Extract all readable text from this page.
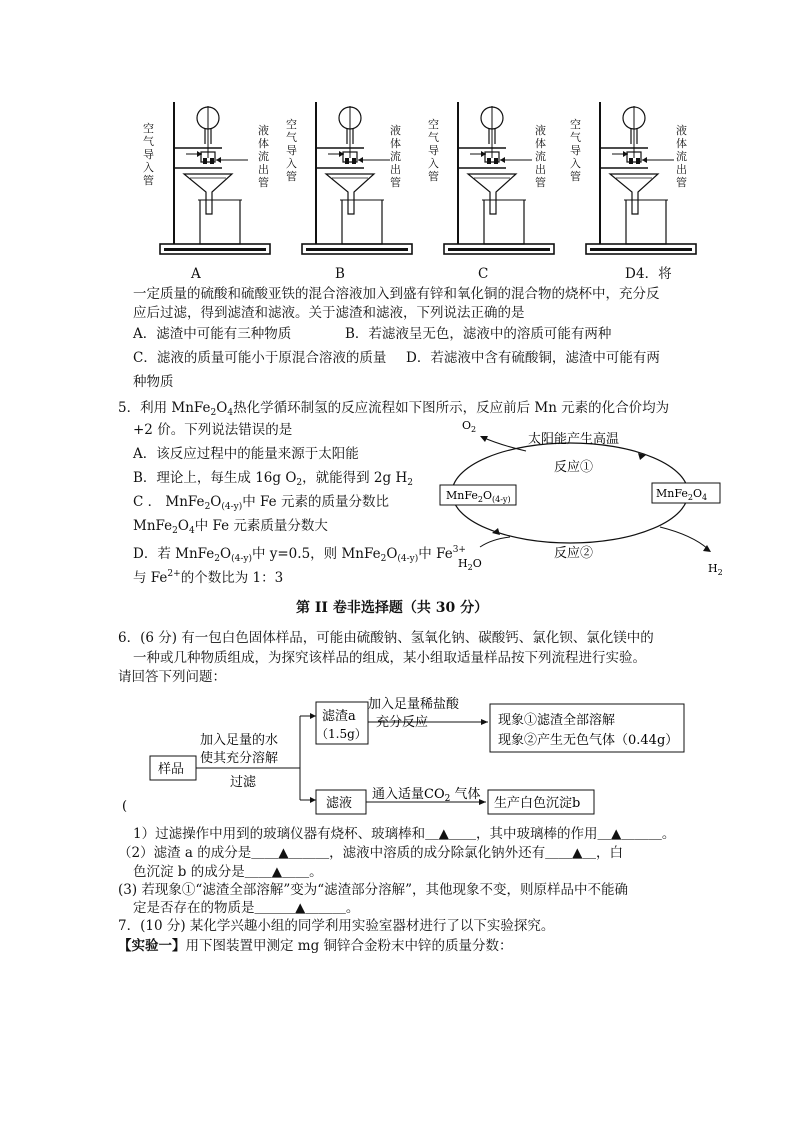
空气导入管
液体流出管
空气导入管
液体流出管
空气导入管
液体流出管
空气导入管
液体流出管
A	B	C	D 4．将
一定质量的硫酸和硫酸亚铁的混合溶液加入到盛有锌和氧化铜的混合物的烧杯中，充分反
应后过滤，得到滤渣和滤液。关于滤渣和滤液，下列说法正确的是
A．滤渣中可能有三种物质	B．若滤液呈无色，滤液中的溶质可能有两种
C．滤液的质量可能小于原混合溶液的质量 D．若滤液中含有硫酸铜，滤渣中可能有两
种物质
5．利用 $MnFe_2O_4$热化学循环制氢的反应流程如下图所示，反应前后 Mn 元素的化合价均为
+2 价。下列说法错误的是
A．该反应过程中的能量来源于太阳能
B．理论上，每生成 16g $O_2$，就能得到 2g $H_2$
C ． $MnFe_2O_{(4-y)}$中 Fe 元素的质量分数比
$MnFe_2O_4$中 Fe 元素质量分数大
D．若 $MnFe_2O_{(4-y)}$中 y=0.5，则 $MnFe_2O_{(4-y)}$中 $Fe^{3+}$
与 $Fe^{2+}$的个数比为 1：3
$MnFe_2O_{(4-y)}$	$MnFe_2O_4$
$O_2$
太阳能产生高温
反应①
反应②
$H_2O$	$H_2$
第 II 卷非选择题（共 30 分）
6．(6 分) 有一包白色固体样品，可能由硫酸钠、氢氧化钠、碳酸钙、氯化钡、氯化镁中的
一种或几种物质组成，为探究该样品的组成，某小组取适量样品按下列流程进行实验。
请回答下列问题：
样品
滤渣a
（1.5g）
现象①滤渣全部溶解
现象②产生无色气体（0.44g）
滤液	生产白色沉淀b
加入足量的水
使其充分溶解
过滤
加入足量稀盐酸
充分反应
通入适量$CO_2$ 气体
(
1）过滤操作中用到的玻璃仪器有烧杯、玻璃棒和＿▲＿＿，其中玻璃棒的作用＿▲＿＿＿。
（2）滤渣 a 的成分是＿＿▲＿＿＿，滤液中溶质的成分除氯化钠外还有＿＿▲＿，白
色沉淀 b 的成分是＿＿▲＿＿。
(3) 若现象①“滤渣全部溶解”变为“滤渣部分溶解”，其他现象不变，则原样品中不能确
定是否存在的物质是＿＿＿▲＿＿＿。
7．(10 分) 某化学兴趣小组的同学利用实验室器材进行了以下实验探究。
【实验一】用下图装置甲测定 mg 铜锌合金粉末中锌的质量分数：
